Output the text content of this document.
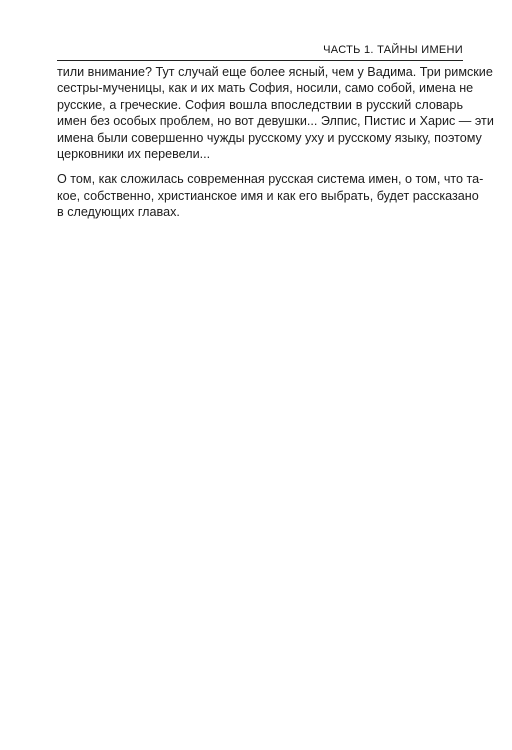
ЧАСТЬ 1. ТАЙНЫ ИМЕНИ

тили внимание? Тут случай еще более ясный, чем у Вадима. Три римские
сестры-мученицы, как и их мать София, носили, само собой, имена не
русские, а греческие. София вошла впоследствии в русский словарь
имен без особых проблем, но вот девушки... Элпис, Пистис и Харис — эти
имена были совершенно чужды русскому уху и русскому языку, поэтому
церковники их перевели...

О том, как сложилась современная русская система имен, о том, что та-
кое, собственно, христианское имя и как его выбрать, будет рассказано
в следующих главах.
